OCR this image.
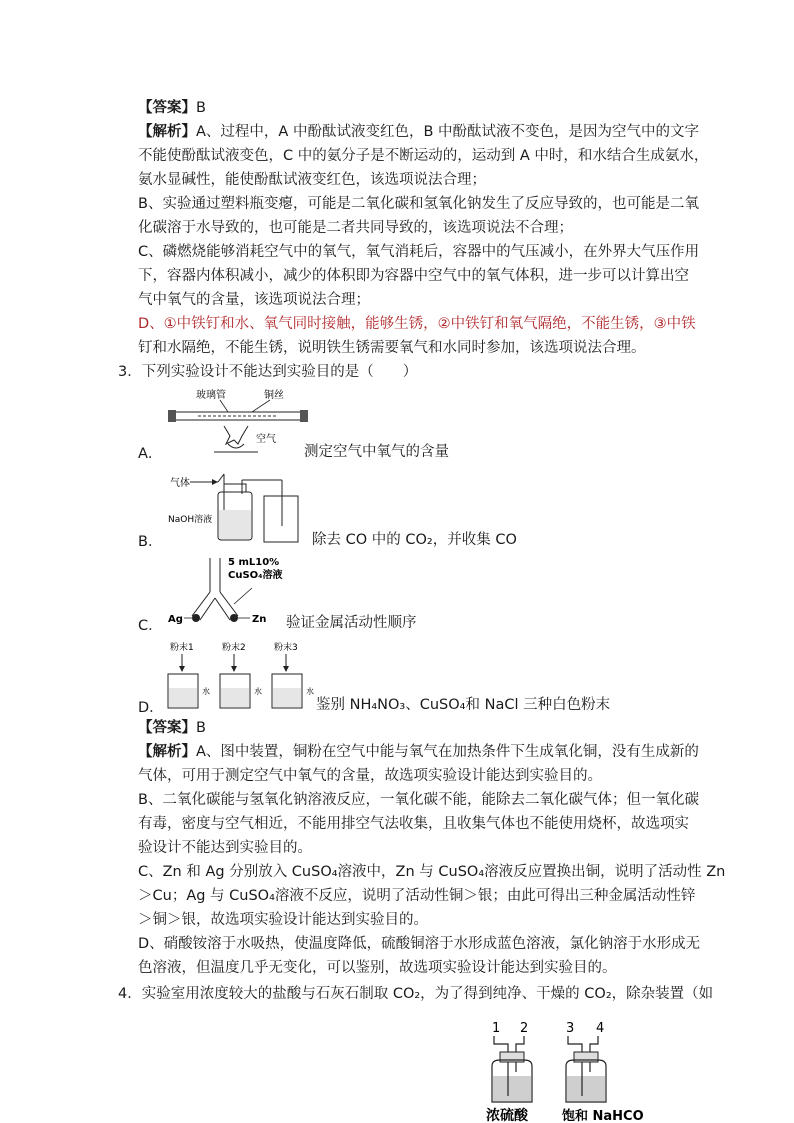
【答案】B
【解析】A、过程中，A 中酚酞试液变红色，B 中酚酞试液不变色，是因为空气中的文字
不能使酚酞试液变色，C 中的氨分子是不断运动的，运动到 A 中时，和水结合生成氨水，
氨水显碱性，能使酚酞试液变红色，该选项说法合理；
B、实验通过塑料瓶变瘪，可能是二氧化碳和氢氧化钠发生了反应导致的，也可能是二氧
化碳溶于水导致的，也可能是二者共同导致的，该选项说法不合理；
C、磷燃烧能够消耗空气中的氧气，氧气消耗后，容器中的气压减小，在外界大气压作用
下，容器内体积减小，减少的体积即为容器中空气中的氧气体积，进一步可以计算出空
气中氧气的含量，该选项说法合理；
D、①中铁钉和水、氧气同时接触，能够生锈，②中铁钉和氧气隔绝，不能生锈，③中铁
钉和水隔绝，不能生锈，说明铁生锈需要氧气和水同时参加，该选项说法合理。
3．下列实验设计不能达到实验目的是（　　）
玻璃管	铜丝
空气
A．	测定空气中氧气的含量
气体
NaOH溶液
B．	除去 CO 中的 CO₂，并收集 CO
5 mL10%
CuSO₄溶液
Ag	Zn
C．	验证金属活动性顺序
粉末1	粉末2	粉末3
水	水	水
D．	鉴别 NH₄NO₃、CuSO₄和 NaCl 三种白色粉末
【答案】B
【解析】A、图中装置，铜粉在空气中能与氧气在加热条件下生成氧化铜，没有生成新的
气体，可用于测定空气中氧气的含量，故选项实验设计能达到实验目的。
B、二氧化碳能与氢氧化钠溶液反应，一氧化碳不能，能除去二氧化碳气体；但一氧化碳
有毒，密度与空气相近，不能用排空气法收集，且收集气体也不能使用烧杯，故选项实
验设计不能达到实验目的。
C、Zn 和 Ag 分别放入 CuSO₄溶液中，Zn 与 CuSO₄溶液反应置换出铜，说明了活动性 Zn
＞Cu；Ag 与 CuSO₄溶液不反应，说明了活动性铜＞银；由此可得出三种金属活动性锌
＞铜＞银，故选项实验设计能达到实验目的。
D、硝酸铵溶于水吸热，使温度降低，硫酸铜溶于水形成蓝色溶液，氯化钠溶于水形成无
色溶液，但温度几乎无变化，可以鉴别，故选项实验设计能达到实验目的。
4．实验室用浓度较大的盐酸与石灰石制取 CO₂，为了得到纯净、干燥的 CO₂，除杂装置（如
1 2	3 4
浓硫酸	饱和 NaHCO
